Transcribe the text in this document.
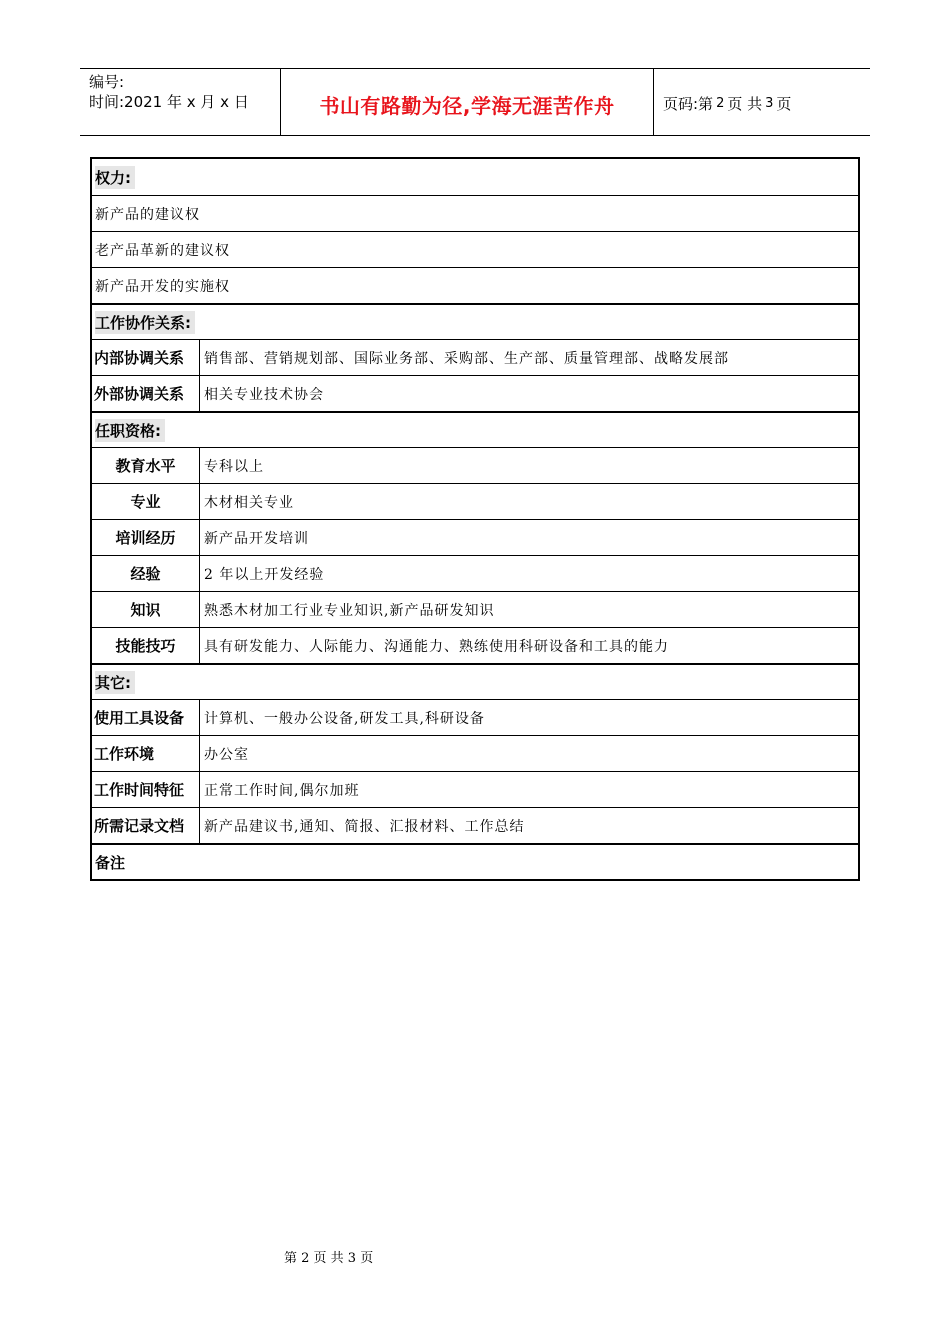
编号:
时间:2021 年 x 月 x 日	书山有路勤为径,学海无涯苦作舟	页码:第 2 页 共 3 页
权力:
新产品的建议权
老产品革新的建议权
新产品开发的实施权
工作协作关系:
内部协调关系	销售部、营销规划部、国际业务部、采购部、生产部、质量管理部、战略发展部
外部协调关系	相关专业技术协会
任职资格:
教育水平	专科以上
专业	木材相关专业
培训经历	新产品开发培训
经验	2 年以上开发经验
知识	熟悉木材加工行业专业知识,新产品研发知识
技能技巧	具有研发能力、人际能力、沟通能力、熟练使用科研设备和工具的能力
其它:
使用工具设备	计算机、一般办公设备,研发工具,科研设备
工作环境	办公室
工作时间特征	正常工作时间,偶尔加班
所需记录文档	新产品建议书,通知、简报、汇报材料、工作总结
备注
第 2 页 共 3 页
